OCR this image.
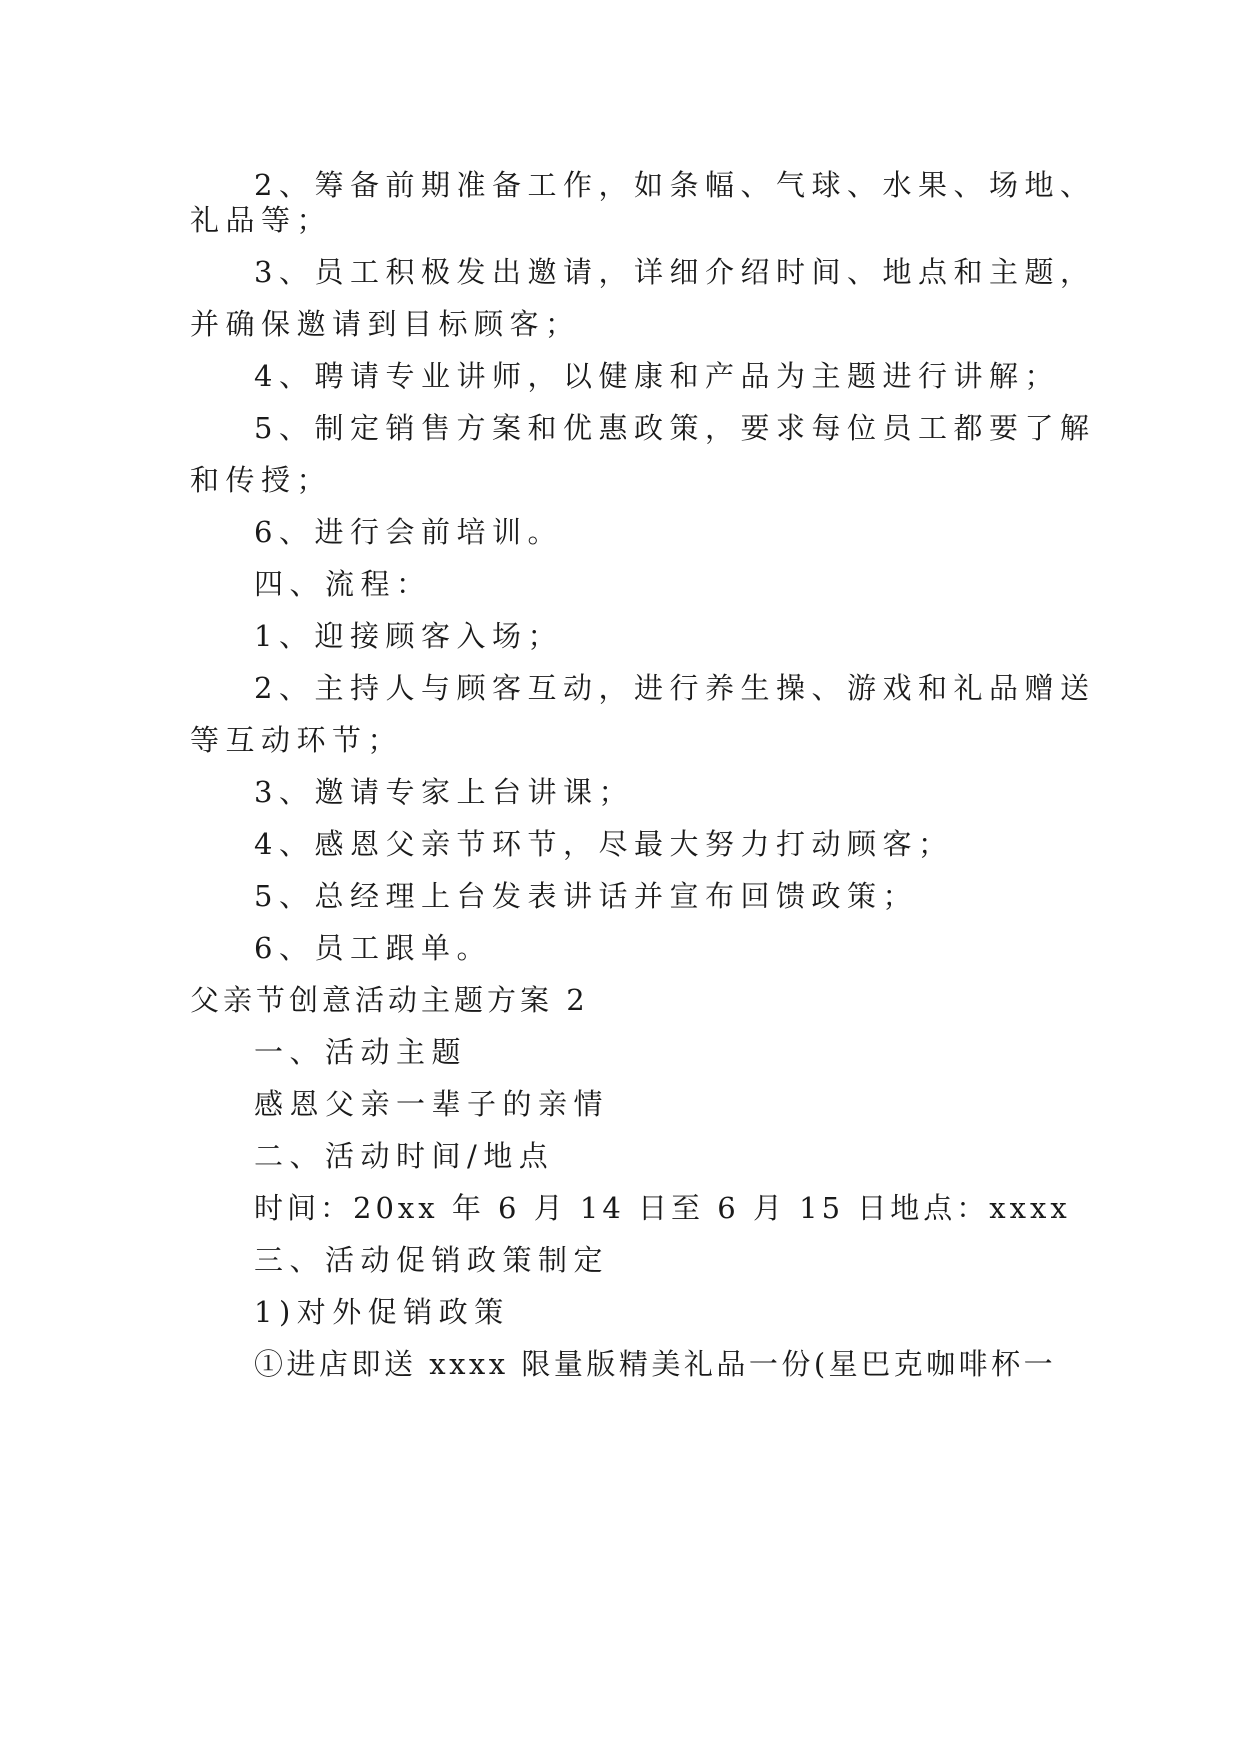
2、筹备前期准备工作，如条幅、气球、水果、场地、
礼品等；
3、员工积极发出邀请，详细介绍时间、地点和主题，
并确保邀请到目标顾客；
4、聘请专业讲师，以健康和产品为主题进行讲解；
5、制定销售方案和优惠政策，要求每位员工都要了解
和传授；
6、进行会前培训。
四、流程：
1、迎接顾客入场；
2、主持人与顾客互动，进行养生操、游戏和礼品赠送
等互动环节；
3、邀请专家上台讲课；
4、感恩父亲节环节，尽最大努力打动顾客；
5、总经理上台发表讲话并宣布回馈政策；
6、员工跟单。
父亲节创意活动主题方案 2
一、活动主题
感恩父亲一辈子的亲情
二、活动时间/地点
时间：20xx 年 6 月 14 日至 6 月 15 日地点：xxxx
三、活动促销政策制定
1)对外促销政策
①进店即送 xxxx 限量版精美礼品一份(星巴克咖啡杯一
